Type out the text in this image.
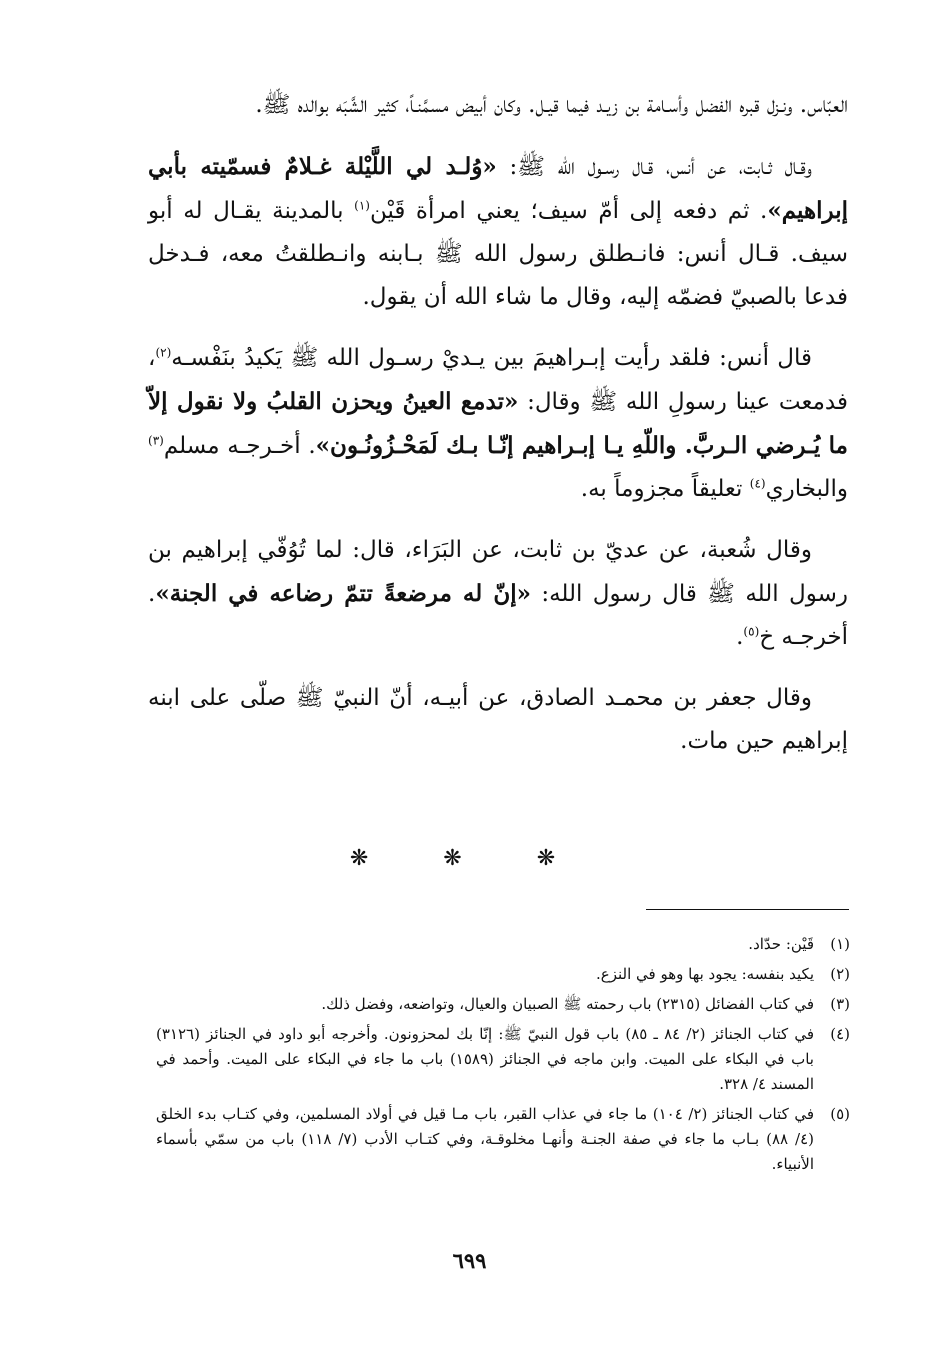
العبّاس. ونـزل قبره الفضل وأسـامة بن زيـد فيما قيـل. وكان أبيض مسمَّنـاً، كثير الشَّبَه بوالده ﷺ.

وقـال ثـابت، عن أنس، قـال رسـول الله ﷺ: «وُلـد لي اللَّيْلة غـلامٌ فسمّيته بأبي إبراهيم». ثم دفعه إلى أمّ سيف؛ يعني امرأة قَيْن$^{(١)}$ بالمدينة يقـال له أبو سيف. قـال أنس: فانـطلق رسول الله ﷺ بـابنه وانـطلقتُ معه، فـدخل فدعا بالصبيّ فضمّه إليه، وقال ما شاء الله أن يقول.

قال أنس: فلقد رأيت إبـراهيمَ بين يـديْ رسـول الله ﷺ يَكيدُ بنَفْسـه$^{(٢)}$، فدمعت عينا رسولِ الله ﷺ وقال: «تدمع العينُ ويحزن القلبُ ولا نقول إلاّ ما يُـرضي الـربَّ. واللّهِ يـا إبـراهيم إنّـا بـك لَمَحْـزُونُـون». أخـرجـه مسلم$^{(٣)}$ والبخاري$^{(٤)}$ تعليقاً مجزوماً به.

وقال شُعبة، عن عديّ بن ثابت، عن البَرَاء، قال: لما تُوُفّي إبراهيم بن رسول الله ﷺ قال رسول الله: «إنّ له مرضعةً تتمّ رضاعه في الجنة». أخرجـه خ$^{(٥)}$.

وقال جعفر بن محمـد الصادق، عن أبيـه، أنّ النبيّ ﷺ صلّى على ابنه إبراهيم حين مات.

❋ ❋ ❋
(١)
قَيْن: حدّاد.
(٢)
يكيد بنفسه: يجود بها وهو في النزع.
(٣)
في كتاب الفضائل (٢٣١٥) باب رحمته ﷺ الصبيان والعيال، وتواضعه، وفضل ذلك.
(٤)
في كتاب الجنائز (٢/ ٨٤ ـ ٨٥) باب قول النبيّ ﷺ: إنّا بك لمحزونون. وأخرجه أبو داود في الجنائز (٣١٢٦) باب في البكاء على الميت. وابن ماجه في الجنائز (١٥٨٩) باب ما جاء في البكاء على الميت. وأحمد في المسند ٤/ ٣٢٨.
(٥)
في كتاب الجنائز (٢/ ١٠٤) ما جاء في عذاب القبر، باب مـا قيل في أولاد المسلمين، وفي كتـاب بدء الخلق (٤/ ٨٨) بـاب ما جاء في صفة الجنـة وأنهـا مخلوقـة، وفي كتـاب الأدب (٧/ ١١٨) باب من سمّي بأسماء الأنبياء.
٦٩٩
